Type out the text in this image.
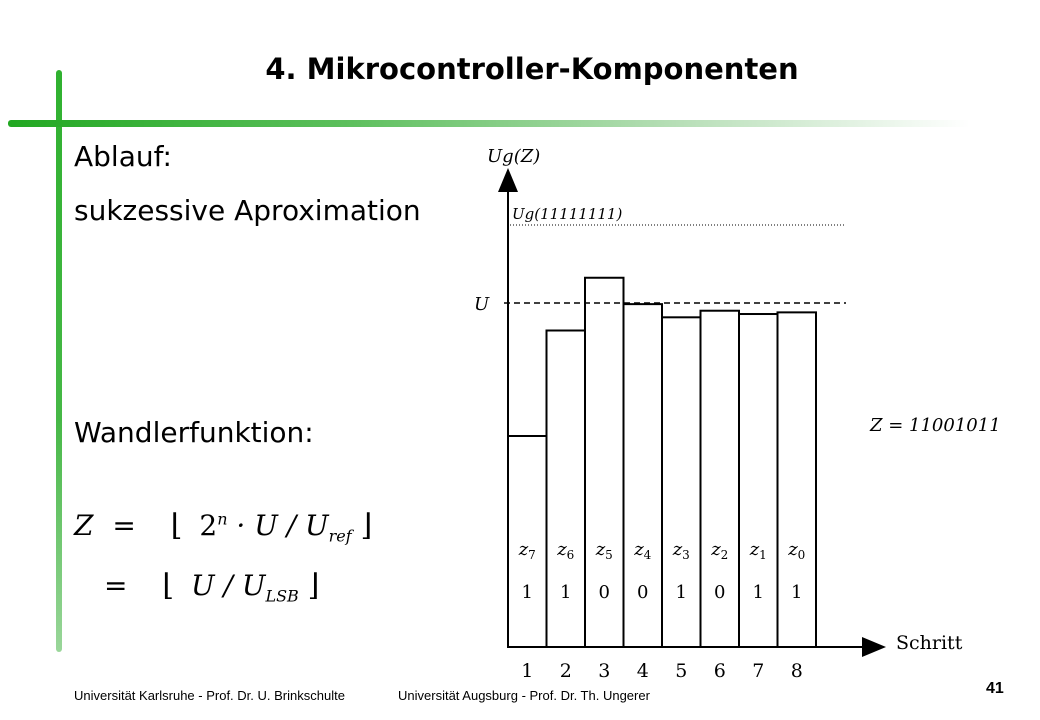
4. Mikrocontroller-Komponenten
Ablauf:
sukzessive Aproximation
Wandlerfunktion:
Z = ⌊ $2^n \cdot U / U_{ref}$ ⌋
= ⌊ U / $U_{LSB}$ ⌋
Ug(Z)
Ug(11111111)
U
Z = 11001011
Schritt
$z_7$
1
1
$z_6$
1
2
$z_5$
0
3
$z_4$
0
4
$z_3$
1
5
$z_2$
0
6
$z_1$
1
7
$z_0$
1
8
Universität Karlsruhe - Prof. Dr. U. Brinkschulte	Universität Augsburg - Prof. Dr. Th. Ungerer	41
